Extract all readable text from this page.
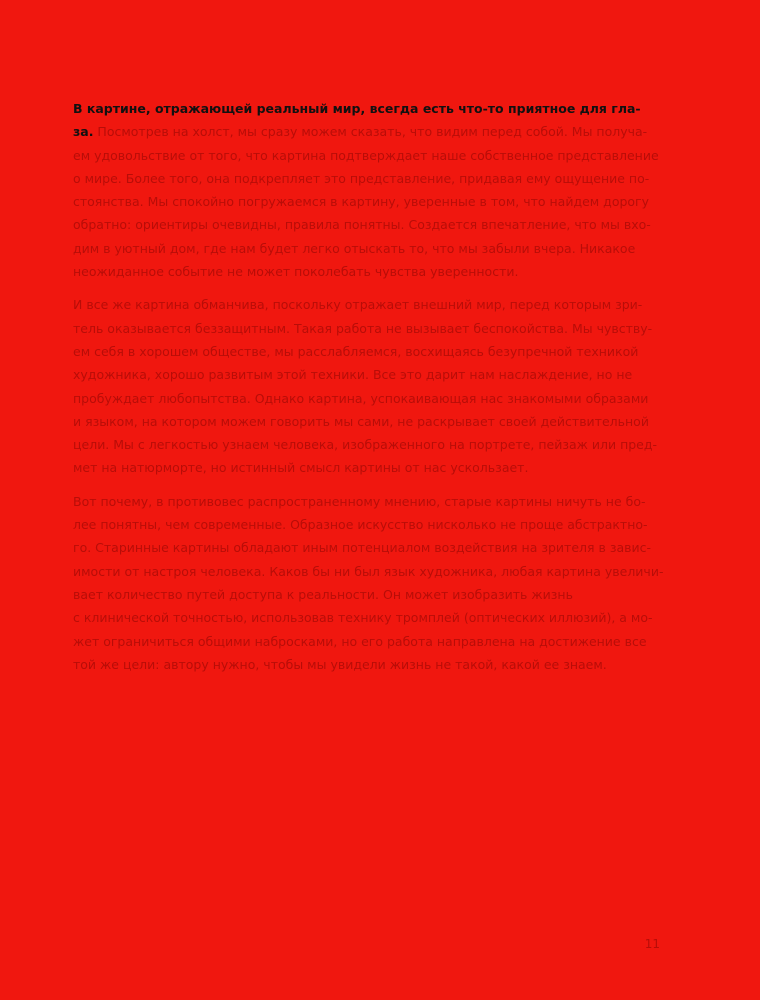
В картине, отражающей реальный мир, всегда есть что-то приятное для гла-
за. Посмотрев на холст, мы сразу можем сказать, что видим перед собой. Мы получа-
ем удовольствие от того, что картина подтверждает наше собственное представление
о мире. Более того, она подкрепляет это представление, придавая ему ощущение по-
стоянства. Мы спокойно погружаемся в картину, уверенные в том, что найдем дорогу
обратно: ориентиры очевидны, правила понятны. Создается впечатление, что мы вхо-
дим в уютный дом, где нам будет легко отыскать то, что мы забыли вчера. Никакое
неожиданное событие не может поколебать чувства уверенности.
И все же картина обманчива, поскольку отражает внешний мир, перед которым зри-
тель оказывается беззащитным. Такая работа не вызывает беспокойства. Мы чувству-
ем себя в хорошем обществе, мы расслабляемся, восхищаясь безупречной техникой
художника, хорошо развитым этой техники. Все это дарит нам наслаждение, но не
пробуждает любопытства. Однако картина, успокаивающая нас знакомыми образами
и языком, на котором можем говорить мы сами, не раскрывает своей действительной
цели. Мы с легкостью узнаем человека, изображенного на портрете, пейзаж или пред-
мет на натюрморте, но истинный смысл картины от нас ускользает.
Вот почему, в противовес распространенному мнению, старые картины ничуть не бо-
лее понятны, чем современные. Образное искусство нисколько не проще абстрактно-
го. Старинные картины обладают иным потенциалом воздействия на зрителя в завис-
имости от настроя человека. Каков бы ни был язык художника, любая картина увеличи-
вает количество путей доступа к реальности. Он может изобразить жизнь
с клинической точностью, использовав технику тромплей (оптических иллюзий), а мо-
жет ограничиться общими набросками, но его работа направлена на достижение все
той же цели: автору нужно, чтобы мы увидели жизнь не такой, какой ее знаем.
11
